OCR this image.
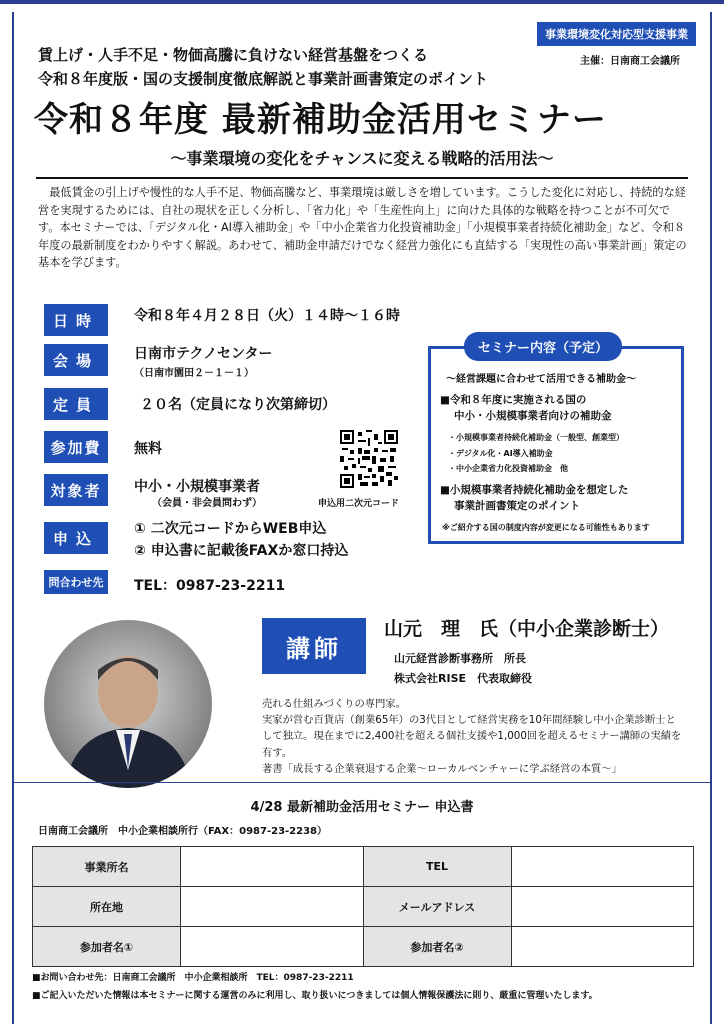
事業環境変化対応型支援事業
主催：日南商工会議所
賃上げ・人手不足・物価高騰に負けない経営基盤をつくる
令和８年度版・国の支援制度徹底解説と事業計画書策定のポイント
令和８年度 最新補助金活用セミナー
～事業環境の変化をチャンスに変える戦略的活用法～
　最低賃金の引上げや慢性的な人手不足、物価高騰など、事業環境は厳しさを増しています。こうした変化に対応し、持続的な経営を実現するためには、自社の現状を正しく分析し、「省力化」や「生産性向上」に向けた具体的な戦略を持つことが不可欠です。本セミナーでは、「デジタル化・AI導入補助金」や「中小企業省力化投資補助金」「小規模事業者持続化補助金」など、令和８年度の最新制度をわかりやすく解説。あわせて、補助金申請だけでなく経営力強化にも直結する「実現性の高い事業計画」策定の基本を学びます。
日時	令和８年４月２８日（火）１４時～１６時
会場	日南市テクノセンター
（日南市園田２－１－１）
定員	２０名（定員になり次第締切）
参加費	無料
対象者	中小・小規模事業者
（会員・非会員問わず）
申込
① 二次元コードからWEB申込
② 申込書に記載後FAXか窓口持込
問合わせ先	TEL：0987-23-2211
申込用二次元コード
セミナー内容（予定）
～経営課題に合わせて活用できる補助金～
■令和８年度に実施される国の
中小・小規模事業者向けの補助金
・小規模事業者持続化補助金（一般型、創業型）
・デジタル化・AI導入補助金
・中小企業省力化投資補助金　他
■小規模事業者持続化補助金を想定した
事業計画書策定のポイント
※ご紹介する国の制度内容が変更になる可能性もあります
講師
山元　理　氏（中小企業診断士）
山元経営診断事務所　所長
株式会社RISE　代表取締役
売れる仕組みづくりの専門家。
実家が営む百貨店（創業65年）の3代目として経営実務を10年間経験し中小企業診断士として独立。現在までに2,400社を超える個社支援や1,000回を超えるセミナー講師の実績を有す。
著書「成長する企業衰退する企業～ローカルベンチャーに学ぶ経営の本質～」
4/28 最新補助金活用セミナー 申込書
日南商工会議所　中小企業相談所行（FAX：0987-23-2238）
事業所名		TEL	
所在地		メールアドレス	
参加者名①		参加者名②	
■お問い合わせ先：日南商工会議所　中小企業相談所　TEL：0987-23-2211
■ご記入いただいた情報は本セミナーに関する運営のみに利用し、取り扱いにつきましては個人情報保護法に則り、厳重に管理いたします。
